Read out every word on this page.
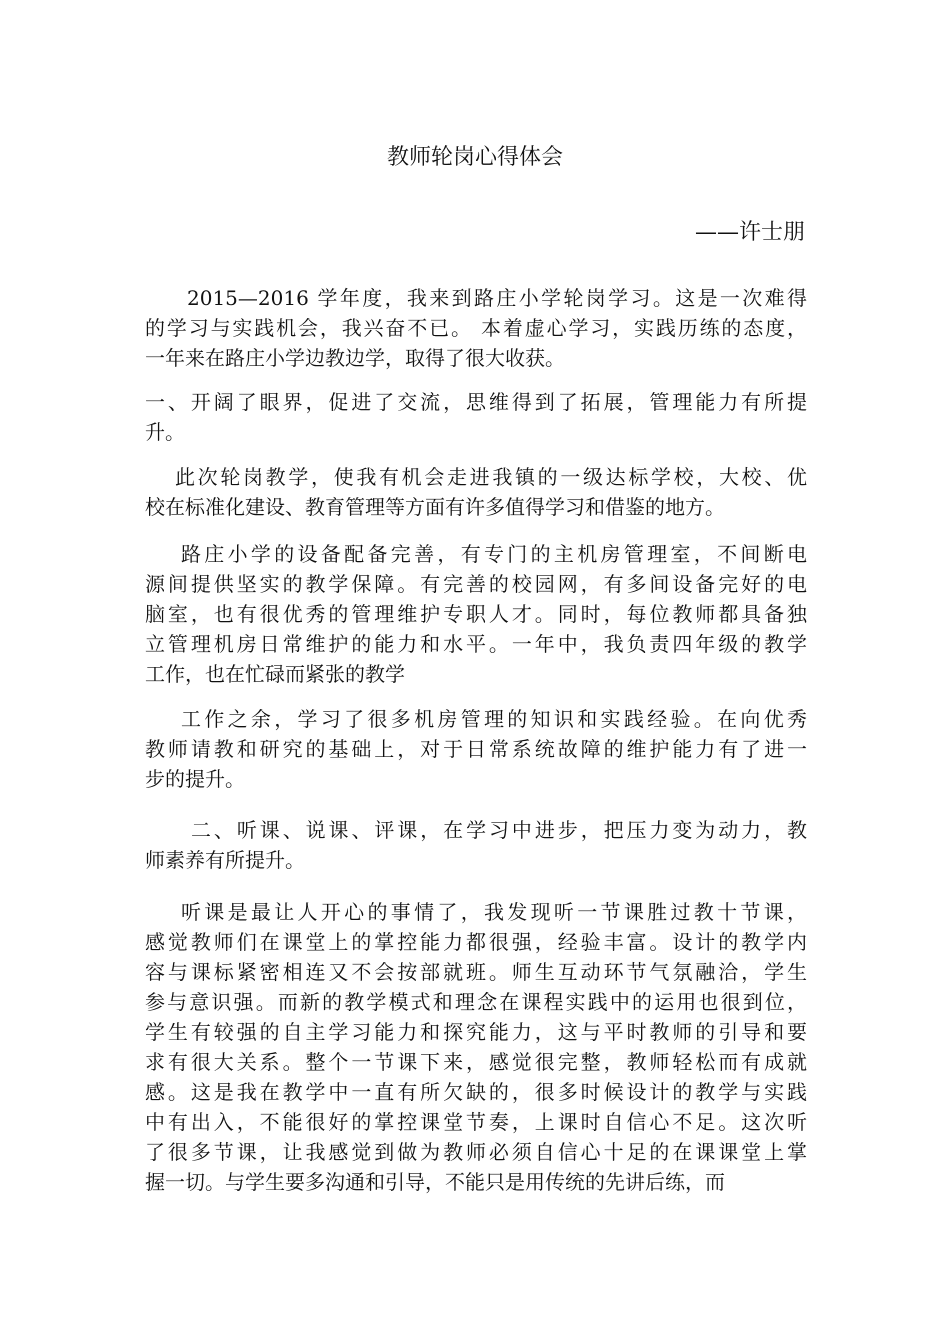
教师轮岗心得体会
——许士朋
2015—2016 学年度，我来到路庄小学轮岗学习。这是一次难得
的学习与实践机会，我兴奋不已。 本着虚心学习，实践历练的态度，
一年来在路庄小学边教边学，取得了很大收获。
一、开阔了眼界，促进了交流，思维得到了拓展，管理能力有所提
升。
此次轮岗教学，使我有机会走进我镇的一级达标学校，大校、优
校在标准化建设、教育管理等方面有许多值得学习和借鉴的地方。
路庄小学的设备配备完善，有专门的主机房管理室，不间断电
源间提供坚实的教学保障。有完善的校园网，有多间设备完好的电
脑室，也有很优秀的管理维护专职人才。同时，每位教师都具备独
立管理机房日常维护的能力和水平。一年中，我负责四年级的教学
工作，也在忙碌而紧张的教学
工作之余，学习了很多机房管理的知识和实践经验。在向优秀
教师请教和研究的基础上，对于日常系统故障的维护能力有了进一
步的提升。
二、听课、说课、评课，在学习中进步，把压力变为动力，教
师素养有所提升。
听课是最让人开心的事情了，我发现听一节课胜过教十节课，
感觉教师们在课堂上的掌控能力都很强，经验丰富。设计的教学内
容与课标紧密相连又不会按部就班。师生互动环节气氛融洽，学生
参与意识强。而新的教学模式和理念在课程实践中的运用也很到位，
学生有较强的自主学习能力和探究能力，这与平时教师的引导和要
求有很大关系。整个一节课下来，感觉很完整，教师轻松而有成就
感。这是我在教学中一直有所欠缺的，很多时候设计的教学与实践
中有出入，不能很好的掌控课堂节奏，上课时自信心不足。这次听
了很多节课，让我感觉到做为教师必须自信心十足的在课课堂上掌
握一切。与学生要多沟通和引导，不能只是用传统的先讲后练，而
